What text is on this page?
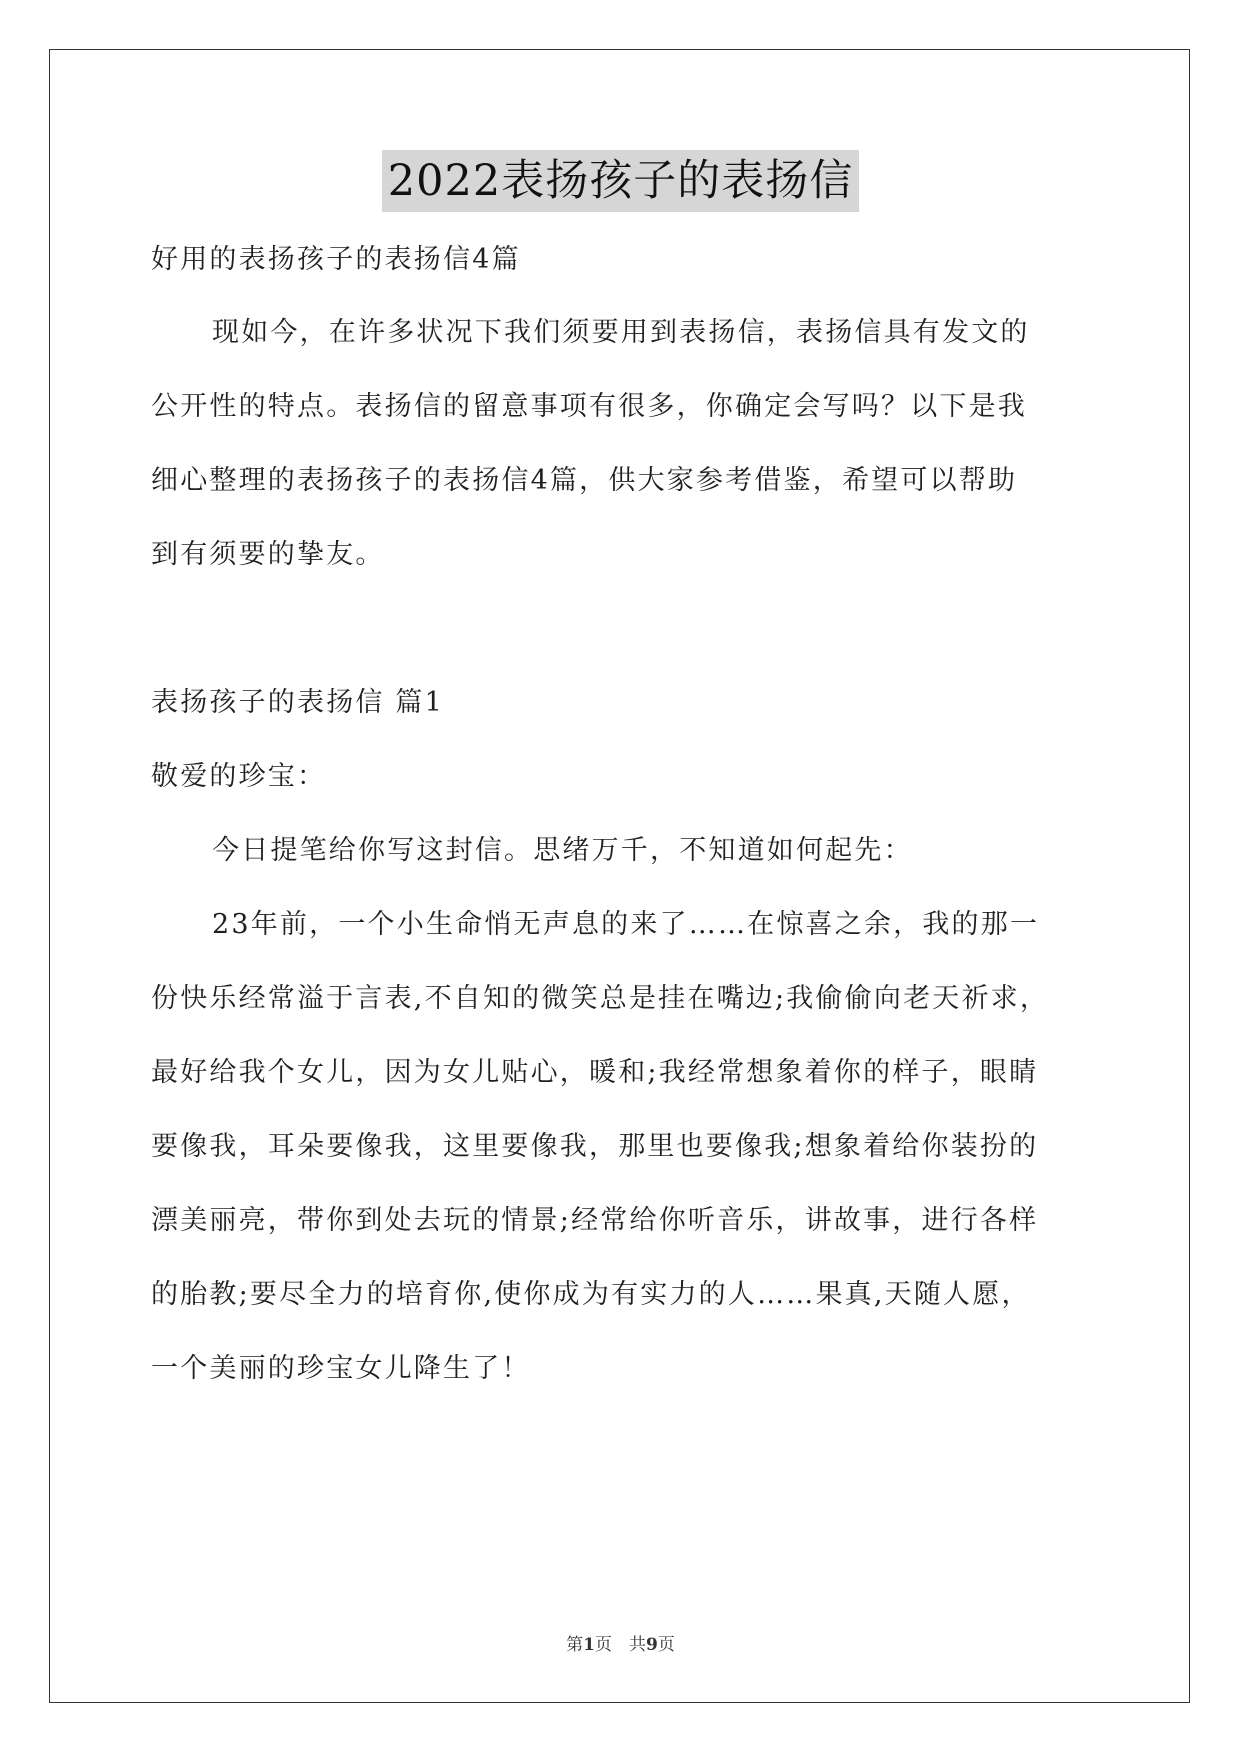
2022表扬孩子的表扬信
好用的表扬孩子的表扬信4篇
现如今，在许多状况下我们须要用到表扬信，表扬信具有发文的
公开性的特点。表扬信的留意事项有很多，你确定会写吗？以下是我
细心整理的表扬孩子的表扬信4篇，供大家参考借鉴，希望可以帮助
到有须要的挚友。
表扬孩子的表扬信 篇1
敬爱的珍宝：
今日提笔给你写这封信。思绪万千，不知道如何起先：
23年前，一个小生命悄无声息的来了……在惊喜之余，我的那一
份快乐经常溢于言表,不自知的微笑总是挂在嘴边;我偷偷向老天祈求，
最好给我个女儿，因为女儿贴心，暖和;我经常想象着你的样子，眼睛
要像我，耳朵要像我，这里要像我，那里也要像我;想象着给你装扮的
漂美丽亮，带你到处去玩的情景;经常给你听音乐，讲故事，进行各样
的胎教;要尽全力的培育你,使你成为有实力的人……果真,天随人愿，
一个美丽的珍宝女儿降生了！
第1页　共9页
